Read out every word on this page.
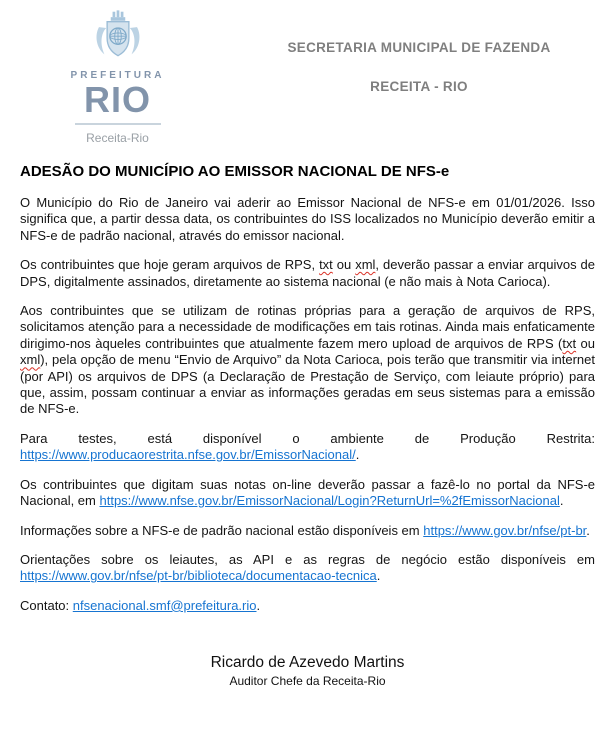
PREFEITURA
RIO
Receita-Rio
SECRETARIA MUNICIPAL DE FAZENDA
RECEITA - RIO
ADESÃO DO MUNICÍPIO AO EMISSOR NACIONAL DE NFS-e

O Município do Rio de Janeiro vai aderir ao Emissor Nacional de NFS-e em 01/01/2026. Isso significa que, a partir dessa data, os contribuintes do ISS localizados no Município deverão emitir a NFS-e de padrão nacional, através do emissor nacional.

Os contribuintes que hoje geram arquivos de RPS, txt ou xml, deverão passar a enviar arquivos de DPS, digitalmente assinados, diretamente ao sistema nacional (e não mais à Nota Carioca).

Aos contribuintes que se utilizam de rotinas próprias para a geração de arquivos de RPS, solicitamos atenção para a necessidade de modificações em tais rotinas. Ainda mais enfaticamente dirigimo-nos àqueles contribuintes que atualmente fazem mero upload de arquivos de RPS (txt ou xml), pela opção de menu “Envio de Arquivo” da Nota Carioca, pois terão que transmitir via internet (por API) os arquivos de DPS (a Declaração de Prestação de Serviço, com leiaute próprio) para que, assim, possam continuar a enviar as informações geradas em seus sistemas para a emissão de NFS-e.

Para testes, está disponível o ambiente de Produção Restrita: https://www.producaorestrita.nfse.gov.br/EmissorNacional/.

Os contribuintes que digitam suas notas on-line deverão passar a fazê-lo no portal da NFS-e Nacional, em https://www.nfse.gov.br/EmissorNacional/Login?ReturnUrl=%2fEmissorNacional.

Informações sobre a NFS-e de padrão nacional estão disponíveis em https://www.gov.br/nfse/pt-br.

Orientações sobre os leiautes, as API e as regras de negócio estão disponíveis em https://www.gov.br/nfse/pt-br/biblioteca/documentacao-tecnica.

Contato: nfsenacional.smf@prefeitura.rio.

Ricardo de Azevedo Martins
Auditor Chefe da Receita-Rio
